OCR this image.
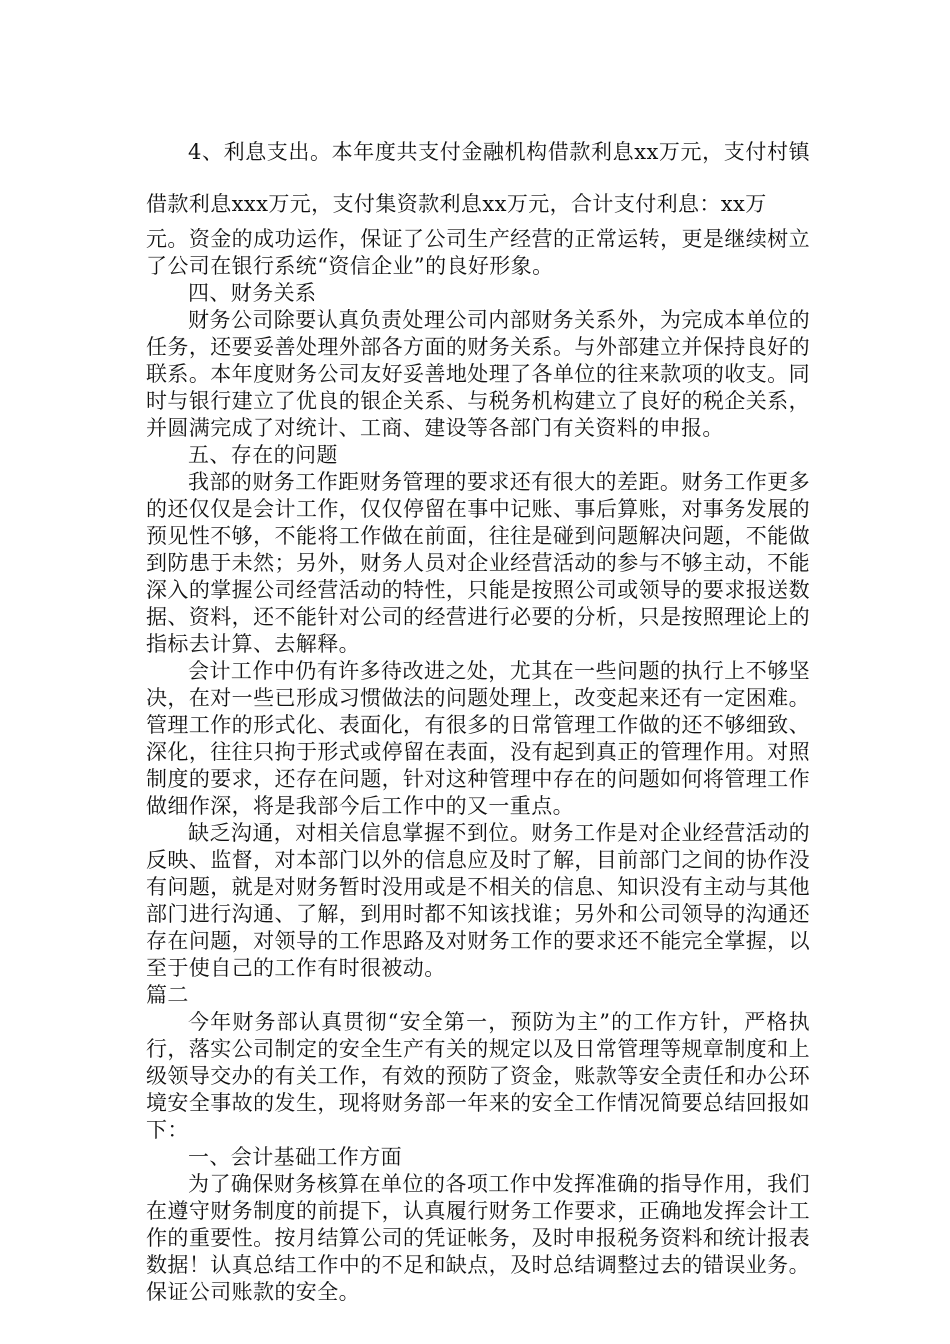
4、利息支出。本年度共支付金融机构借款利息xx万元，支付村镇借款利息xxx万元，支付集资款利息xx万元，合计支付利息：xx万

元。资金的成功运作，保证了公司生产经营的正常运转，更是继续树立了公司在银行系统“资信企业”的良好形象。

四、财务关系

财务公司除要认真负责处理公司内部财务关系外，为完成本单位的任务，还要妥善处理外部各方面的财务关系。与外部建立并保持良好的联系。本年度财务公司友好妥善地处理了各单位的往来款项的收支。同时与银行建立了优良的银企关系、与税务机构建立了良好的税企关系，并圆满完成了对统计、工商、建设等各部门有关资料的申报。

五、存在的问题

我部的财务工作距财务管理的要求还有很大的差距。财务工作更多的还仅仅是会计工作，仅仅停留在事中记账、事后算账，对事务发展的预见性不够，不能将工作做在前面，往往是碰到问题解决问题，不能做到防患于未然；另外，财务人员对企业经营活动的参与不够主动，不能深入的掌握公司经营活动的特性，只能是按照公司或领导的要求报送数据、资料，还不能针对公司的经营进行必要的分析，只是按照理论上的指标去计算、去解释。

会计工作中仍有许多待改进之处，尤其在一些问题的执行上不够坚决，在对一些已形成习惯做法的问题处理上，改变起来还有一定困难。管理工作的形式化、表面化，有很多的日常管理工作做的还不够细致、深化，往往只拘于形式或停留在表面，没有起到真正的管理作用。对照制度的要求，还存在问题，针对这种管理中存在的问题如何将管理工作做细作深，将是我部今后工作中的又一重点。

缺乏沟通，对相关信息掌握不到位。财务工作是对企业经营活动的反映、监督，对本部门以外的信息应及时了解，目前部门之间的协作没有问题，就是对财务暂时没用或是不相关的信息、知识没有主动与其他部门进行沟通、了解，到用时都不知该找谁；另外和公司领导的沟通还存在问题，对领导的工作思路及对财务工作的要求还不能完全掌握，以至于使自己的工作有时很被动。

篇二

今年财务部认真贯彻“安全第一，预防为主”的工作方针，严格执行，落实公司制定的安全生产有关的规定以及日常管理等规章制度和上级领导交办的有关工作，有效的预防了资金，账款等安全责任和办公环境安全事故的发生，现将财务部一年来的安全工作情况简要总结回报如下：

一、会计基础工作方面

为了确保财务核算在单位的各项工作中发挥准确的指导作用，我们在遵守财务制度的前提下，认真履行财务工作要求，正确地发挥会计工作的重要性。按月结算公司的凭证帐务，及时申报税务资料和统计报表数据！认真总结工作中的不足和缺点，及时总结调整过去的错误业务。保证公司账款的安全。
